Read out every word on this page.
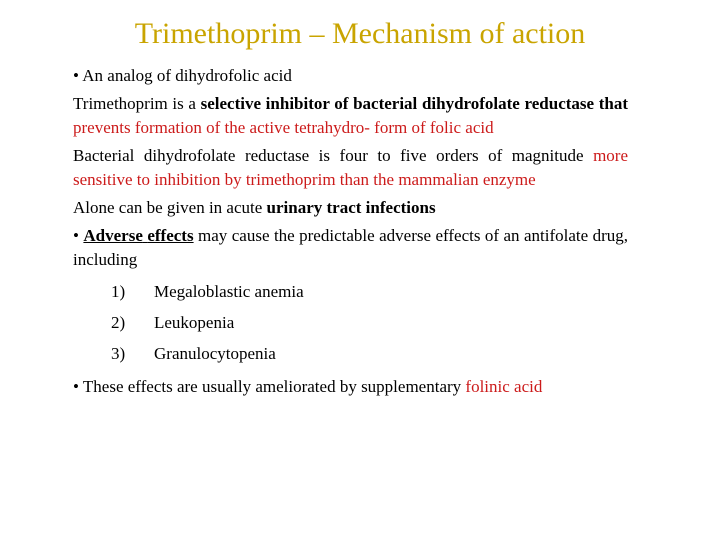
Trimethoprim – Mechanism of action

• An analog of dihydrofolic acid

Trimethoprim is a selective inhibitor of bacterial dihydrofolate reductase that prevents formation of the active tetrahydro- form of folic acid

Bacterial dihydrofolate reductase is four to five orders of magnitude more sensitive to inhibition by trimethoprim than the mammalian enzyme

Alone can be given in acute urinary tract infections

• Adverse effects may cause the predictable adverse effects of an antifolate drug, including

1)	Megaloblastic anemia
2)	Leukopenia
3)	Granulocytopenia

• These effects are usually ameliorated by supplementary folinic acid
